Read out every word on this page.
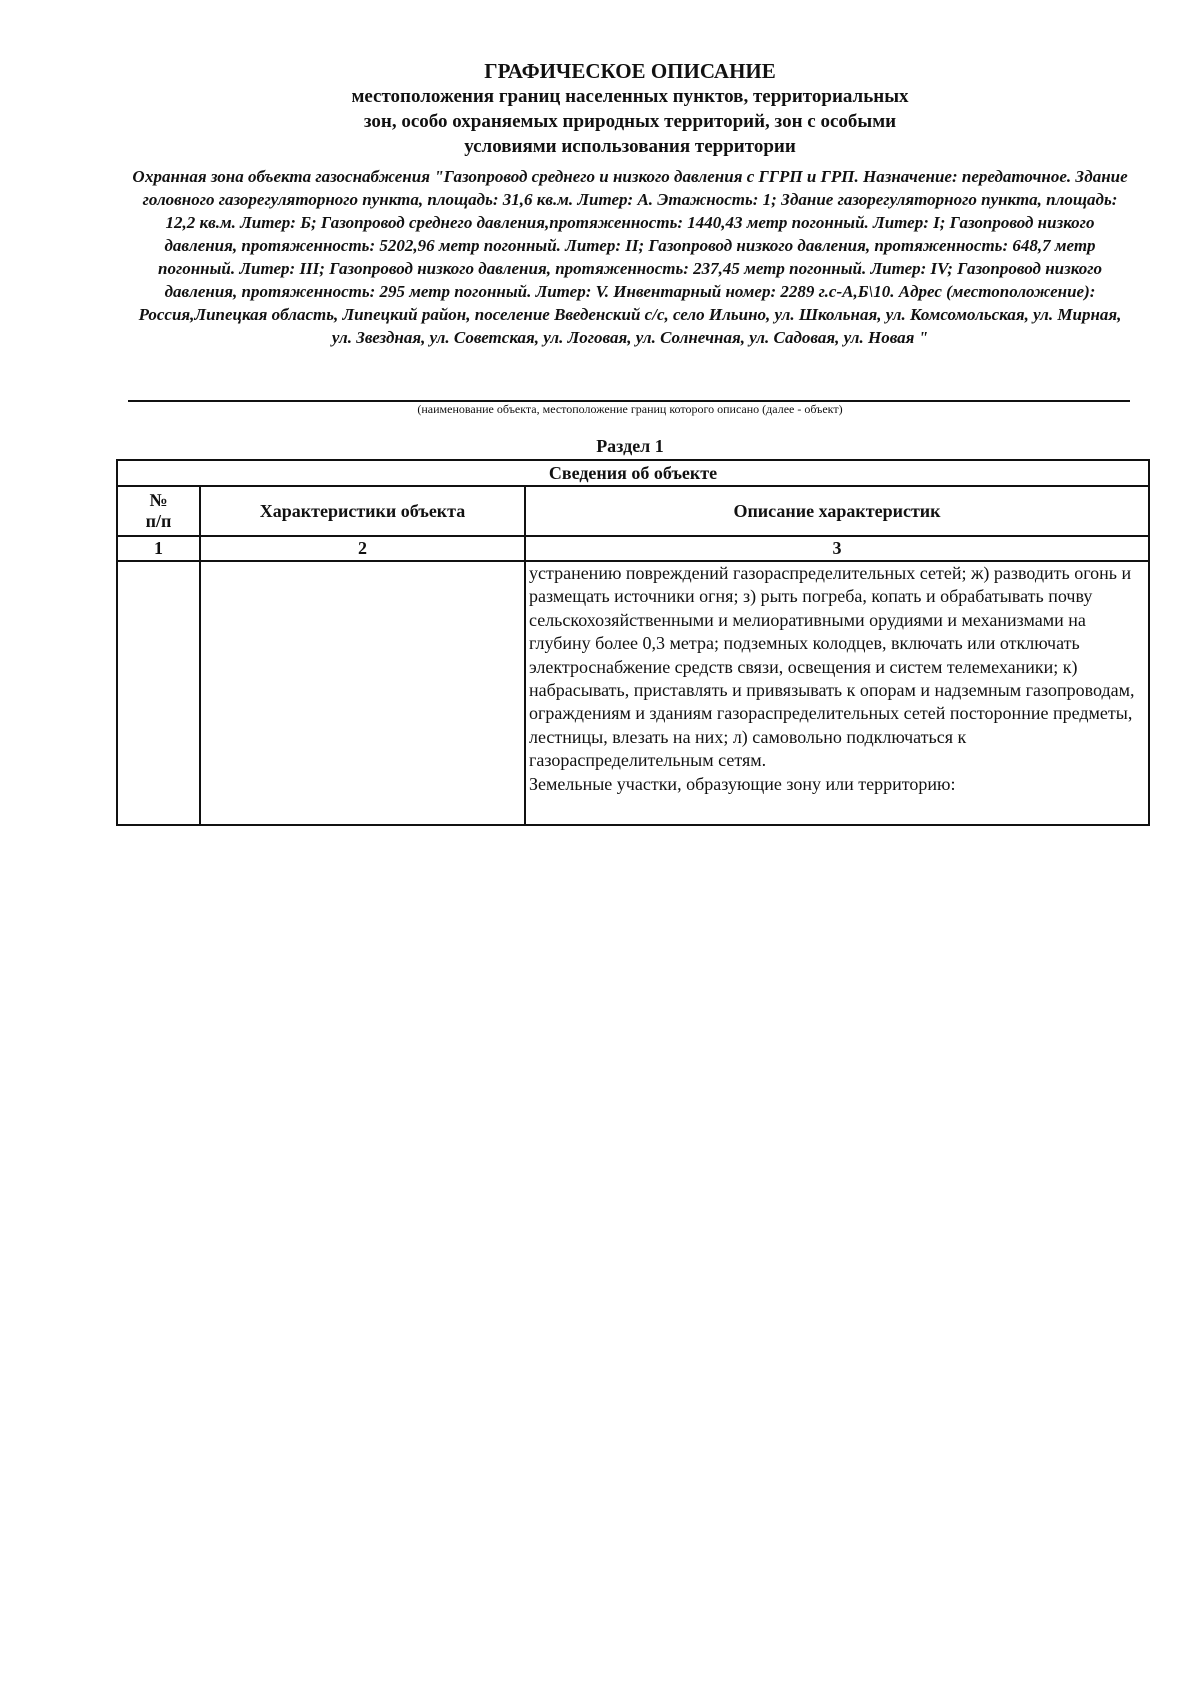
ГРАФИЧЕСКОЕ ОПИСАНИЕ
местоположения границ населенных пунктов, территориальных
зон, особо охраняемых природных территорий, зон с особыми
условиями использования территории
Охранная зона объекта газоснабжения "Газопровод среднего и низкого давления с ГГРП и ГРП. Назначение: передаточное. Здание головного газорегуляторного пункта, площадь: 31,6 кв.м. Литер: А. Этажность: 1; Здание газорегуляторного пункта, площадь: 12,2 кв.м. Литер: Б; Газопровод среднего давления,протяженность: 1440,43 метр погонный. Литер: I; Газопровод низкого давления, протяженность: 5202,96 метр погонный. Литер: II; Газопровод низкого давления, протяженность: 648,7 метр погонный. Литер: III; Газопровод низкого давления, протяженность: 237,45 метр погонный. Литер: IV; Газопровод низкого давления, протяженность: 295 метр погонный. Литер: V. Инвентарный номер: 2289 г.с-А,Б\10. Адрес (местоположение): Россия,Липецкая область, Липецкий район, поселение Введенский с/с, село Ильино, ул. Школьная, ул. Комсомольская, ул. Мирная, ул. Звездная, ул. Советская, ул. Логовая, ул. Солнечная, ул. Садовая, ул. Новая "
(наименование объекта, местоположение границ которого описано (далее - объект)
Раздел 1
Сведения об объекте		

№
п/п	Характеристики объекта	Описание характеристик
1	2	3

		устранению повреждений газораспределительных сетей; ж) разводить огонь и размещать источники огня; з) рыть погреба, копать и обрабатывать почву сельскохозяйственными и мелиоративными орудиями и механизмами на глубину более 0,3 метра; подземных колодцев, включать или отключать электроснабжение средств связи, освещения и систем телемеханики; к) набрасывать, приставлять и привязывать к опорам и надземным газопроводам, ограждениям и зданиям газораспределительных сетей посторонние предметы, лестницы, влезать на них; л) самовольно подключаться к газораспределительным сетям.

Земельные участки, образующие зону или территорию:
